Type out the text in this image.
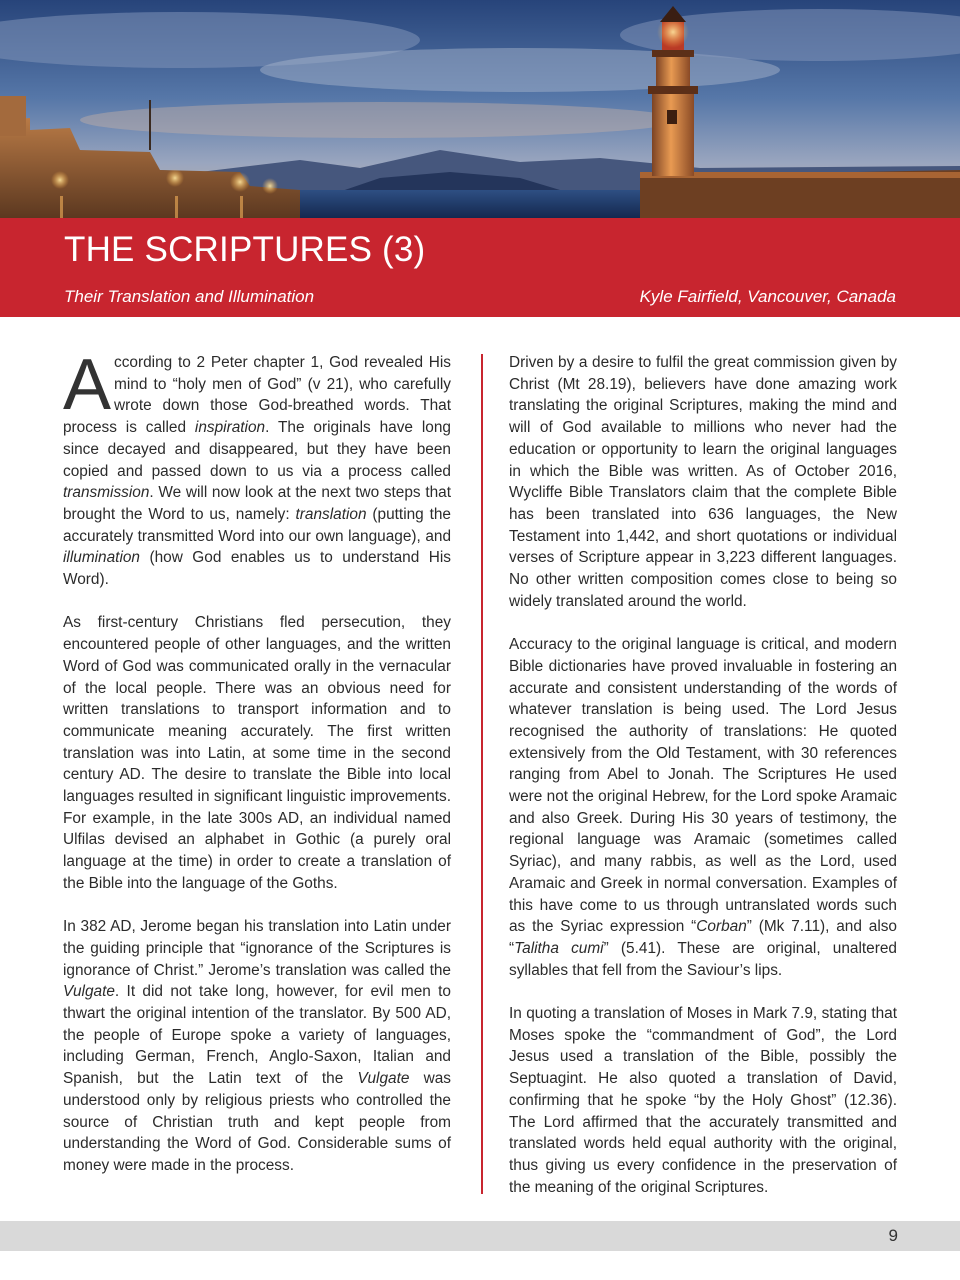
THE SCRIPTURES (3)
Their Translation and Illumination	Kyle Fairfield, Vancouver, Canada

According to 2 Peter chapter 1, God revealed His mind to “holy men of God” (v 21), who carefully wrote down those God-breathed words. That process is called inspiration. The originals have long since decayed and disappeared, but they have been copied and passed down to us via a process called transmission. We will now look at the next two steps that brought the Word to us, namely: translation (putting the accurately transmitted Word into our own language), and illumination (how God enables us to understand His Word).

As first-century Christians fled persecution, they encountered people of other languages, and the written Word of God was communicated orally in the vernacular of the local people. There was an obvious need for written translations to transport information and to communicate meaning accurately. The first written translation was into Latin, at some time in the second century AD. The desire to translate the Bible into local languages resulted in significant linguistic improvements. For example, in the late 300s AD, an individual named Ulfilas devised an alphabet in Gothic (a purely oral language at the time) in order to create a translation of the Bible into the language of the Goths.

In 382 AD, Jerome began his translation into Latin under the guiding principle that “ignorance of the Scriptures is ignorance of Christ.” Jerome’s translation was called the Vulgate. It did not take long, however, for evil men to thwart the original intention of the translator. By 500 AD, the people of Europe spoke a variety of languages, including German, French, Anglo-Saxon, Italian and Spanish, but the Latin text of the Vulgate was understood only by religious priests who controlled the source of Christian truth and kept people from understanding the Word of God. Considerable sums of money were made in the process.

Driven by a desire to fulfil the great commission given by Christ (Mt 28.19), believers have done amazing work translating the original Scriptures, making the mind and will of God available to millions who never had the education or opportunity to learn the original languages in which the Bible was written. As of October 2016, Wycliffe Bible Translators claim that the complete Bible has been translated into 636 languages, the New Testament into 1,442, and short quotations or individual verses of Scripture appear in 3,223 different languages. No other written composition comes close to being so widely translated around the world.

Accuracy to the original language is critical, and modern Bible dictionaries have proved invaluable in fostering an accurate and consistent understanding of the words of whatever translation is being used. The Lord Jesus recognised the authority of translations: He quoted extensively from the Old Testament, with 30 references ranging from Abel to Jonah. The Scriptures He used were not the original Hebrew, for the Lord spoke Aramaic and also Greek. During His 30 years of testimony, the regional language was Aramaic (sometimes called Syriac), and many rabbis, as well as the Lord, used Aramaic and Greek in normal conversation. Examples of this have come to us through untranslated words such as the Syriac expression “Corban” (Mk 7.11), and also “Talitha cumi” (5.41). These are original, unaltered syllables that fell from the Saviour’s lips.

In quoting a translation of Moses in Mark 7.9, stating that Moses spoke the “commandment of God”, the Lord Jesus used a translation of the Bible, possibly the Septuagint. He also quoted a translation of David, confirming that he spoke “by the Holy Ghost” (12.36). The Lord affirmed that the accurately transmitted and translated words held equal authority with the original, thus giving us every confidence in the preservation of the meaning of the original Scriptures.

9
